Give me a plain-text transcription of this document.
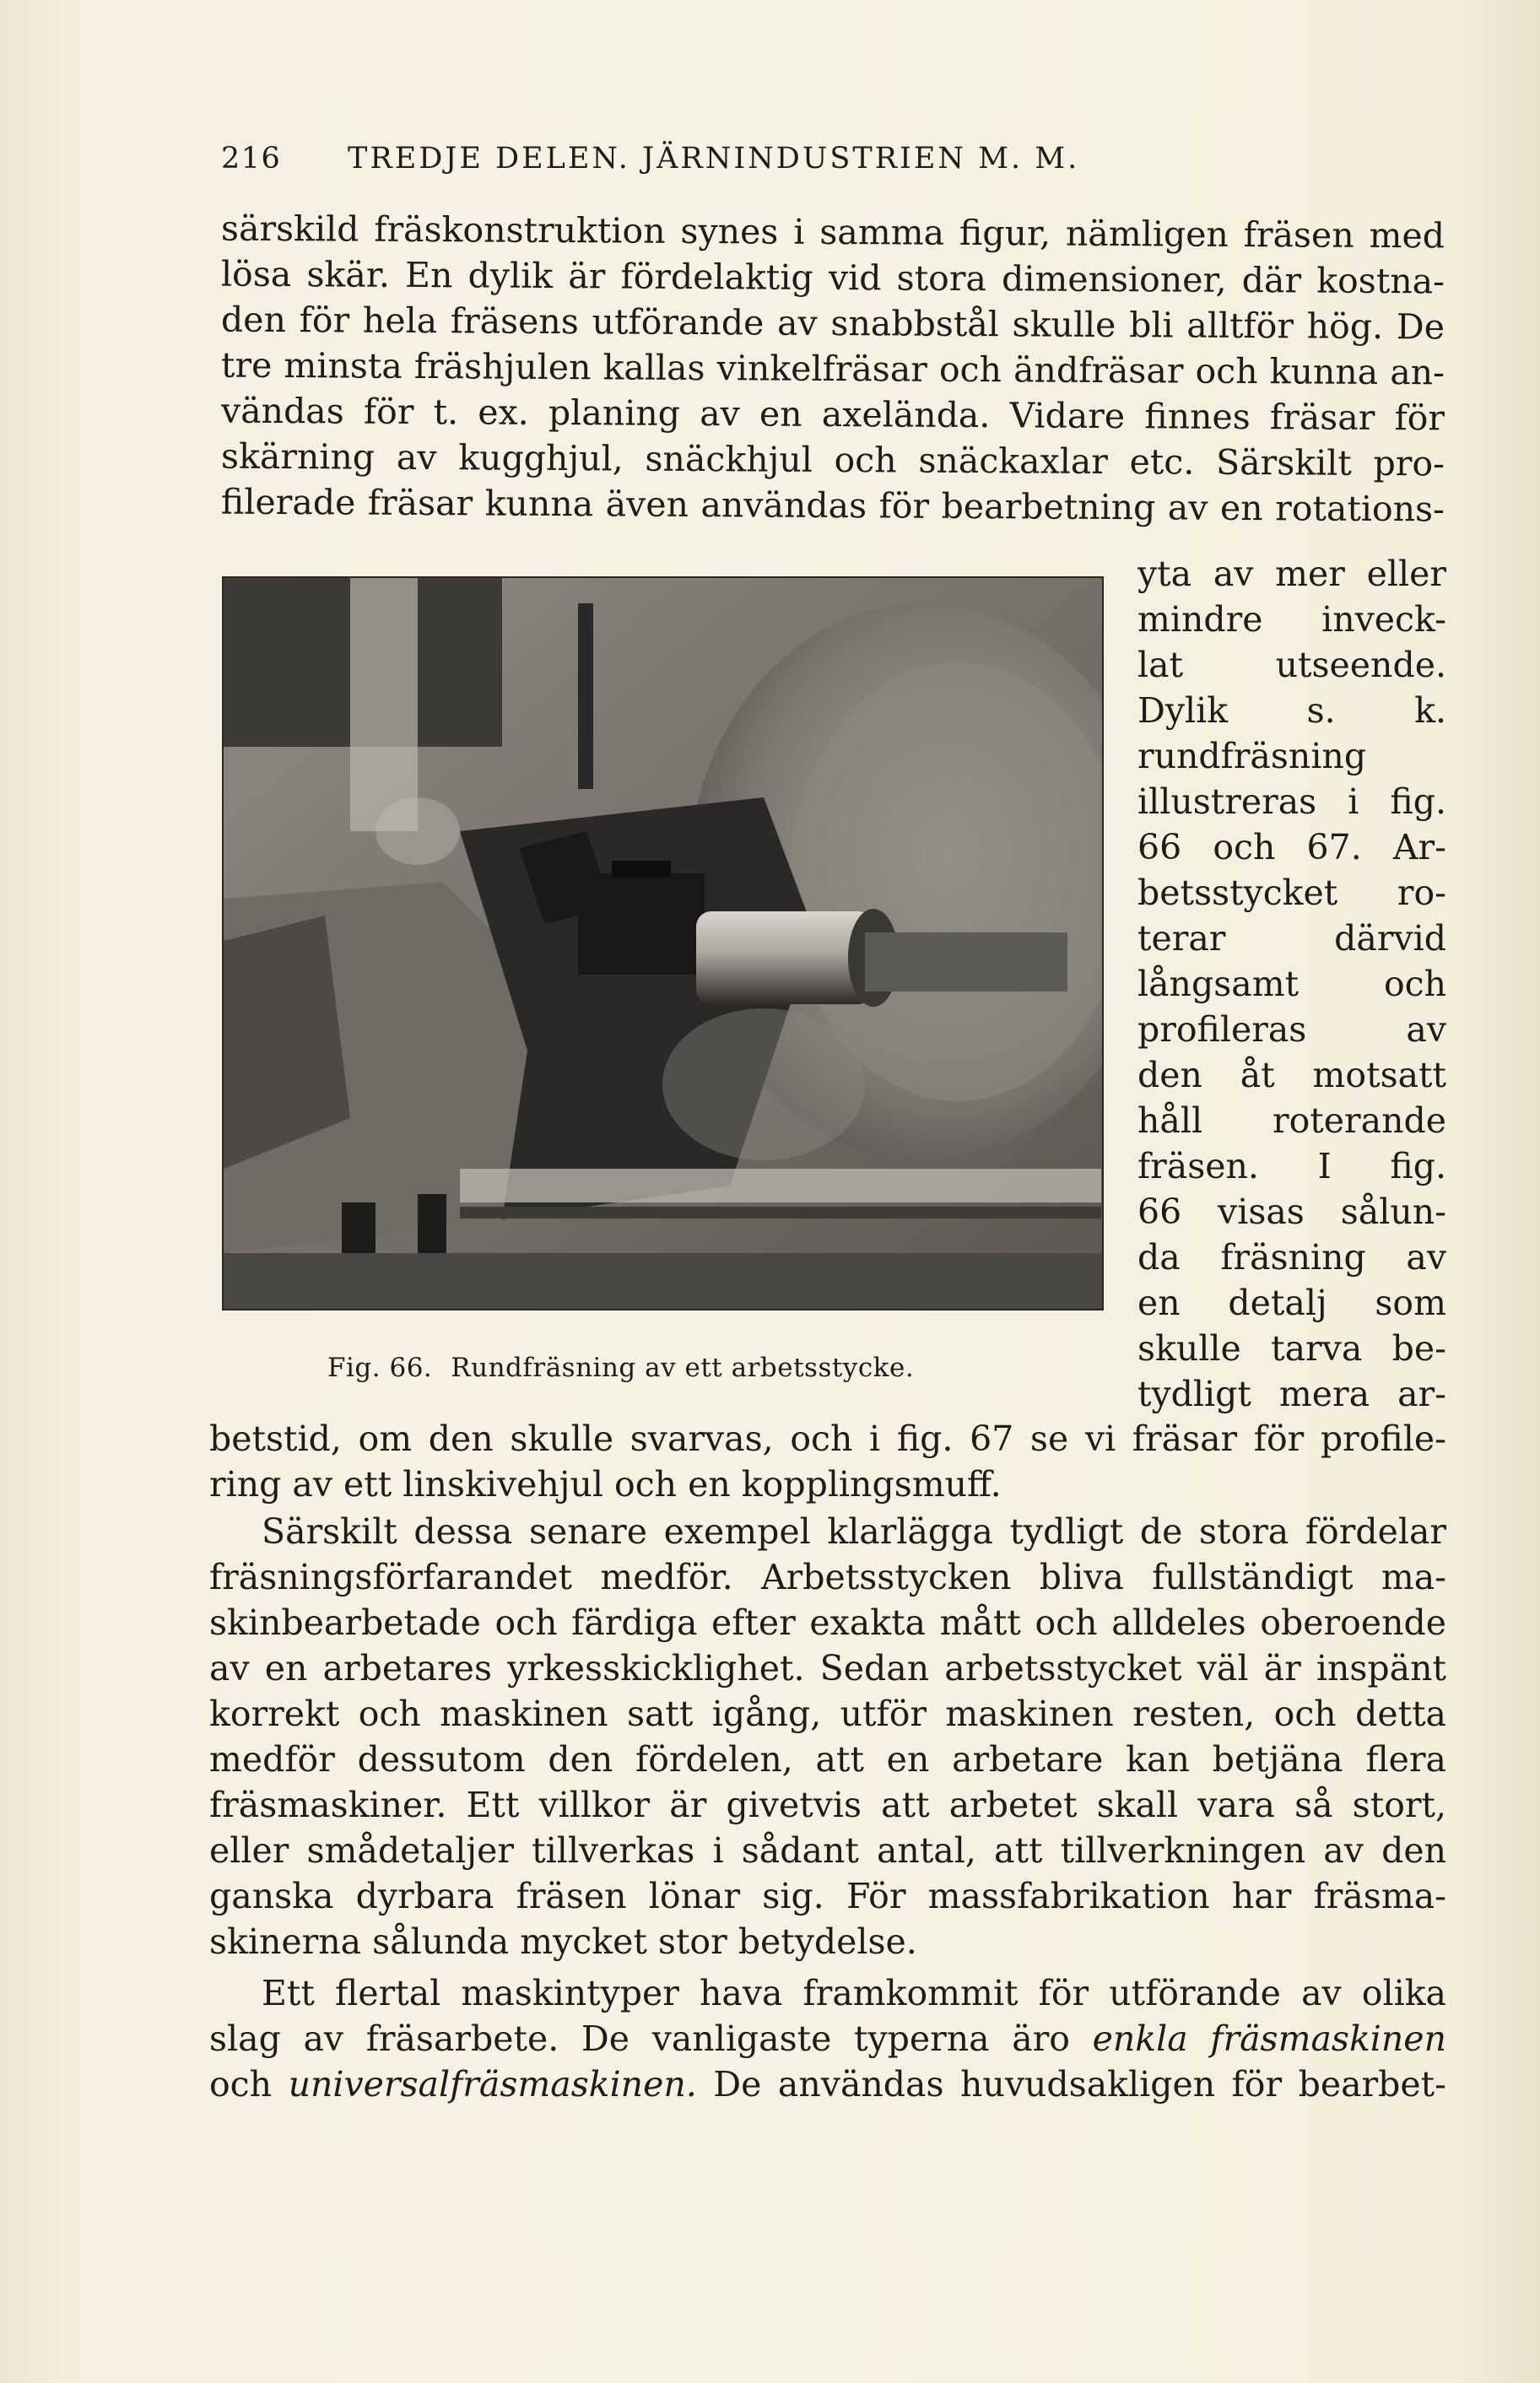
216 TREDJE DELEN. JÄRNINDUSTRIEN M. M.
särskild fräskonstruktion synes i samma figur, nämligen fräsen med
lösa skär. En dylik är fördelaktig vid stora dimensioner, där kostna-
den för hela fräsens utförande av snabbstål skulle bli alltför hög. De
tre minsta fräshjulen kallas vinkelfräsar och ändfräsar och kunna an-
vändas för t. ex. planing av en axelända. Vidare finnes fräsar för
skärning av kugghjul, snäckhjul och snäckaxlar etc. Särskilt pro-
filerade fräsar kunna även användas för bearbetning av en rotations-
yta av mer eller
mindre inveck-
lat utseende.
Dylik s. k.
rundfräsning
illustreras i fig.
66 och 67. Ar-
betsstycket ro-
terar därvid
långsamt och
profileras av
den åt motsatt
håll roterande
fräsen. I fig.
66 visas sålun-
da fräsning av
en detalj som
skulle tarva be-
tydligt mera ar-
Fig. 66. Rundfräsning av ett arbetsstycke.
betstid, om den skulle svarvas, och i fig. 67 se vi fräsar för profile-
ring av ett linskivehjul och en kopplingsmuff.
Särskilt dessa senare exempel klarlägga tydligt de stora fördelar
fräsningsförfarandet medför. Arbetsstycken bliva fullständigt ma-
skinbearbetade och färdiga efter exakta mått och alldeles oberoende
av en arbetares yrkesskicklighet. Sedan arbetsstycket väl är inspänt
korrekt och maskinen satt igång, utför maskinen resten, och detta
medför dessutom den fördelen, att en arbetare kan betjäna flera
fräsmaskiner. Ett villkor är givetvis att arbetet skall vara så stort,
eller smådetaljer tillverkas i sådant antal, att tillverkningen av den
ganska dyrbara fräsen lönar sig. För massfabrikation har fräsma-
skinerna sålunda mycket stor betydelse.
Ett flertal maskintyper hava framkommit för utförande av olika
slag av fräsarbete. De vanligaste typerna äro enkla fräsmaskinen
och universalfräsmaskinen. De användas huvudsakligen för bearbet-
